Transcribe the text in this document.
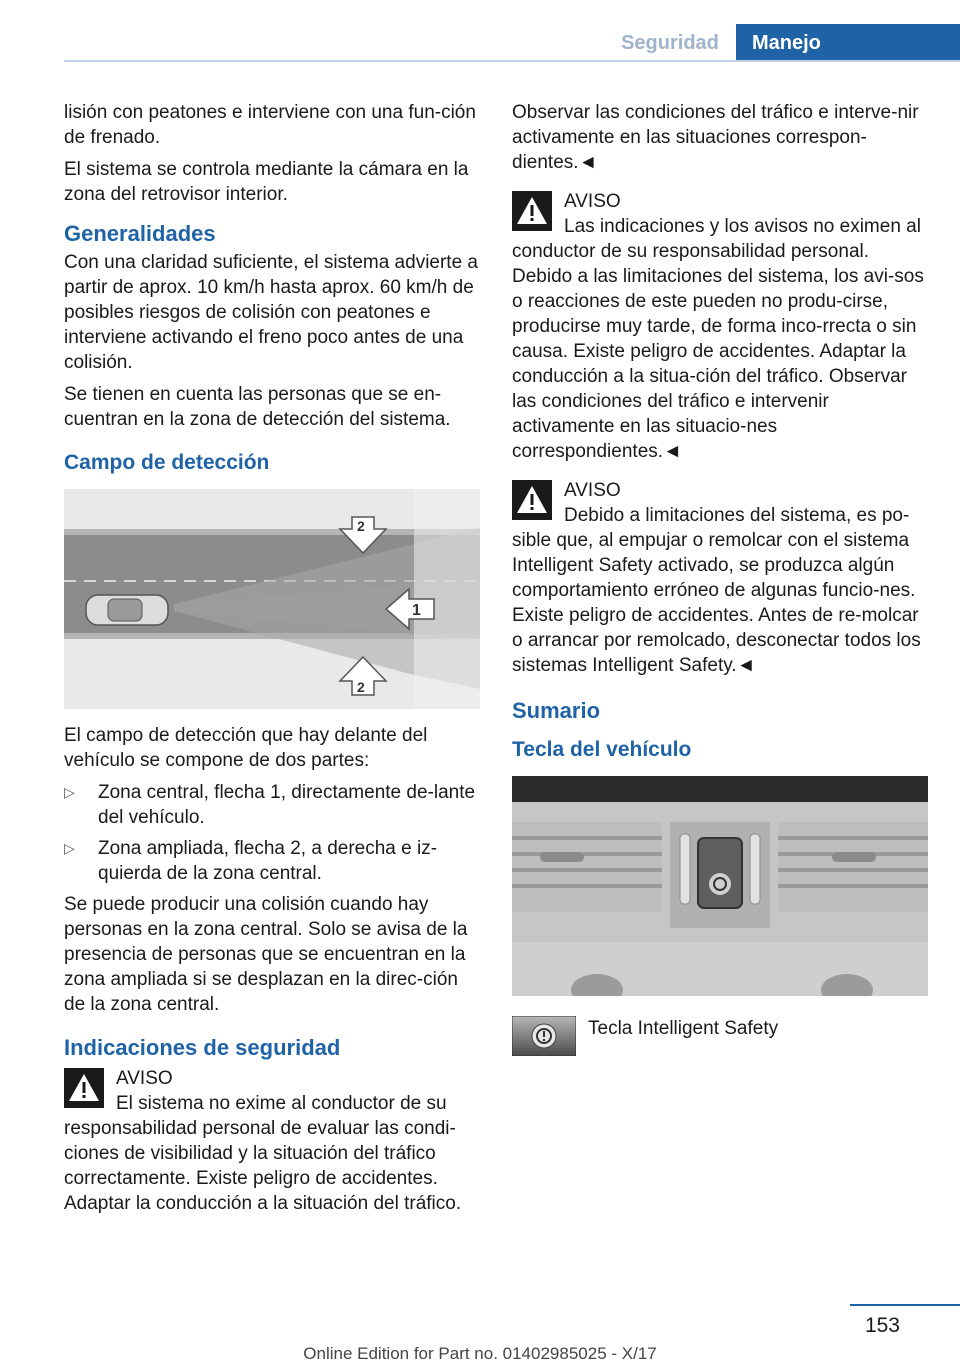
Seguridad	Manejo

lisión con peatones e interviene con una fun‐ción de frenado.

El sistema se controla mediante la cámara en la zona del retrovisor interior.

Generalidades

Con una claridad suficiente, el sistema advierte a partir de aprox. 10 km/h hasta aprox. 60 km/h de posibles riesgos de colisión con peatones e interviene activando el freno poco antes de una colisión.

Se tienen en cuenta las personas que se en‐cuentran en la zona de detección del sistema.

Campo de detección
1
2
2

El campo de detección que hay delante del vehículo se compone de dos partes:

▷ Zona central, flecha 1, directamente de‐lante del vehículo.
▷ Zona ampliada, flecha 2, a derecha e iz‐quierda de la zona central.

Se puede producir una colisión cuando hay personas en la zona central. Solo se avisa de la presencia de personas que se encuentran en la zona ampliada si se desplazan en la direc‐ción de la zona central.

Indicaciones de seguridad
AVISO
El sistema no exime al conductor de su responsabilidad personal de evaluar las condi‐ciones de visibilidad y la situación del tráfico correctamente. Existe peligro de accidentes. Adaptar la conducción a la situación del tráfico.

Observar las condiciones del tráfico e interve‐nir activamente en las situaciones correspon‐dientes.◄

AVISO
Las indicaciones y los avisos no eximen al conductor de su responsabilidad personal. Debido a las limitaciones del sistema, los avi‐sos o reacciones de este pueden no produ‐cirse, producirse muy tarde, de forma inco‐rrecta o sin causa. Existe peligro de accidentes. Adaptar la conducción a la situa‐ción del tráfico. Observar las condiciones del tráfico e intervenir activamente en las situacio‐nes correspondientes.◄
AVISO
Debido a limitaciones del sistema, es po‐sible que, al empujar o remolcar con el sistema Intelligent Safety activado, se produzca algún comportamiento erróneo de algunas funcio‐nes. Existe peligro de accidentes. Antes de re‐molcar o arrancar por remolcado, desconectar todos los sistemas Intelligent Safety.◄
Sumario
Tecla del vehículo
Tecla Intelligent Safety
153
Online Edition for Part no. 01402985025 - X/17
